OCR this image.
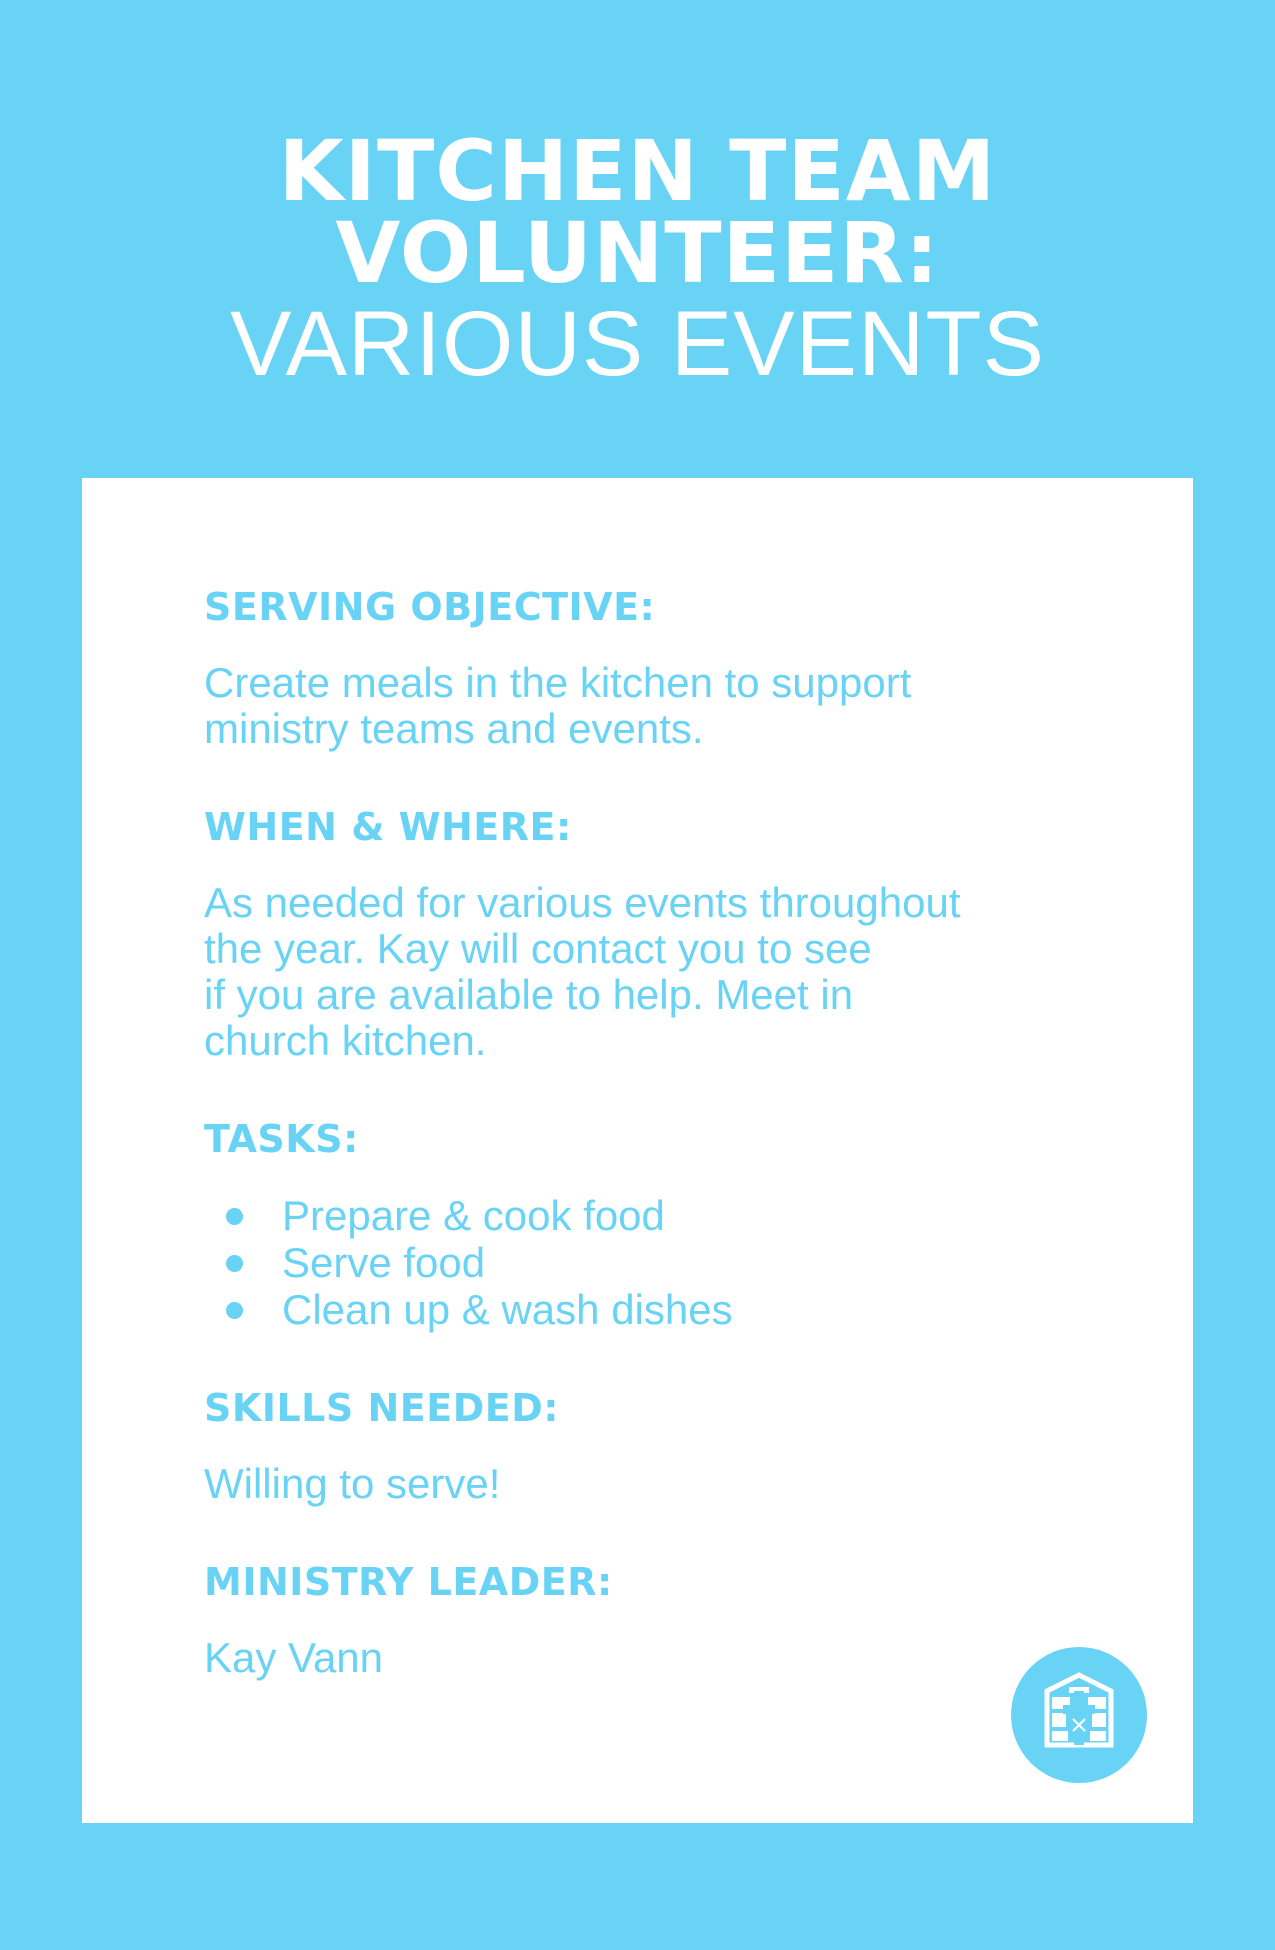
KITCHEN TEAM
VOLUNTEER:
VARIOUS EVENTS

SERVING OBJECTIVE:

Create meals in the kitchen to support

ministry teams and events.

WHEN & WHERE:

As needed for various events throughout

the year. Kay will contact you to see

if you are available to help. Meet in

church kitchen.

TASKS:

Prepare & cook food
Serve food
Clean up & wash dishes

SKILLS NEEDED:

Willing to serve!

MINISTRY LEADER:

Kay Vann
